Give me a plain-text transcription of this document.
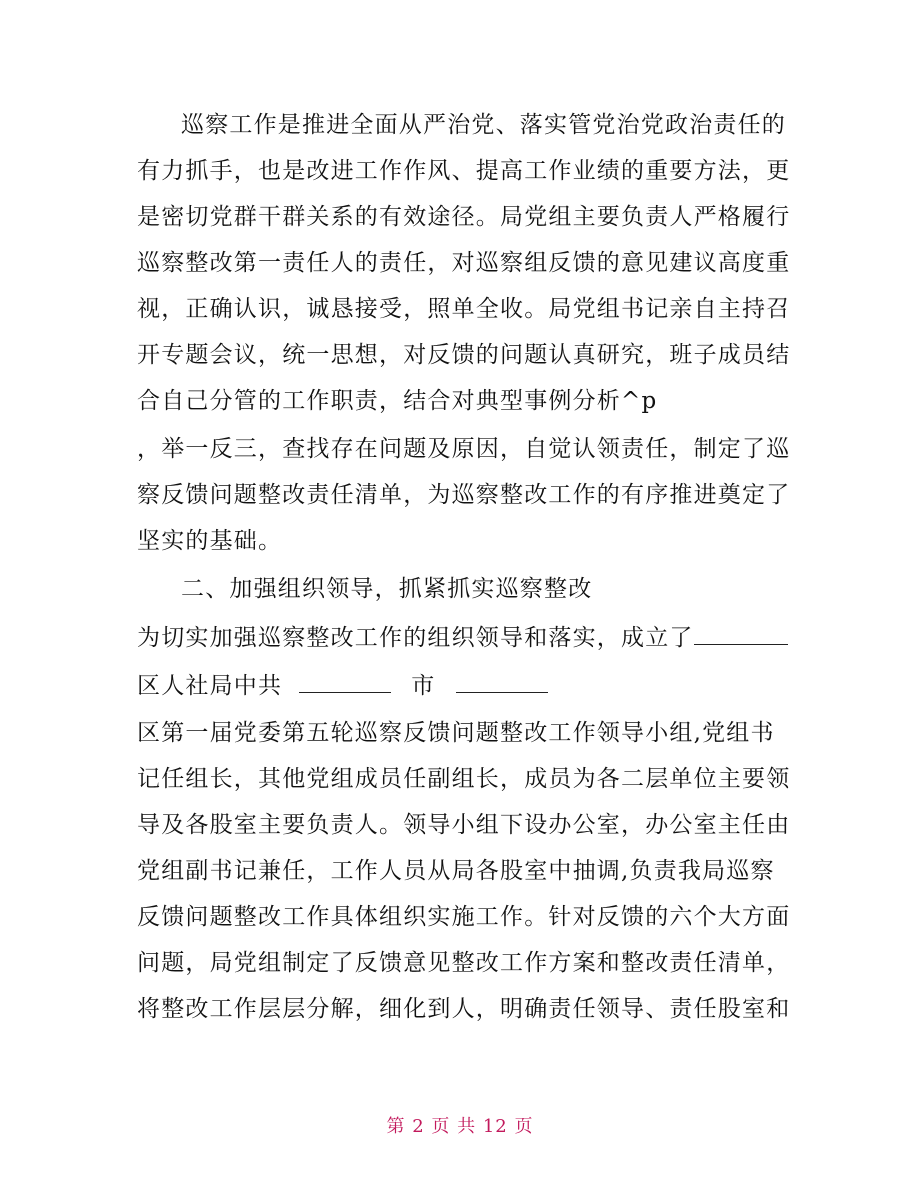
巡察工作是推进全面从严治党、落实管党治党政治责任的
有力抓手，也是改进工作作风、提高工作业绩的重要方法，更
是密切党群干群关系的有效途径。局党组主要负责人严格履行
巡察整改第一责任人的责任，对巡察组反馈的意见建议高度重
视，正确认识，诚恳接受，照单全收。局党组书记亲自主持召
开专题会议，统一思想，对反馈的问题认真研究，班子成员结
合自己分管的工作职责，结合对典型事例分析^p
，举一反三，查找存在问题及原因，自觉认领责任，制定了巡
察反馈问题整改责任清单，为巡察整改工作的有序推进奠定了
坚实的基础。
二、加强组织领导，抓紧抓实巡察整改
为切实加强巡察整改工作的组织领导和落实，成立了
区人社局中共	市
区第一届党委第五轮巡察反馈问题整改工作领导小组,党组书
记任组长，其他党组成员任副组长，成员为各二层单位主要领
导及各股室主要负责人。领导小组下设办公室，办公室主任由
党组副书记兼任，工作人员从局各股室中抽调,负责我局巡察
反馈问题整改工作具体组织实施工作。针对反馈的六个大方面
问题，局党组制定了反馈意见整改工作方案和整改责任清单，
将整改工作层层分解，细化到人，明确责任领导、责任股室和
第 2 页 共 12 页
